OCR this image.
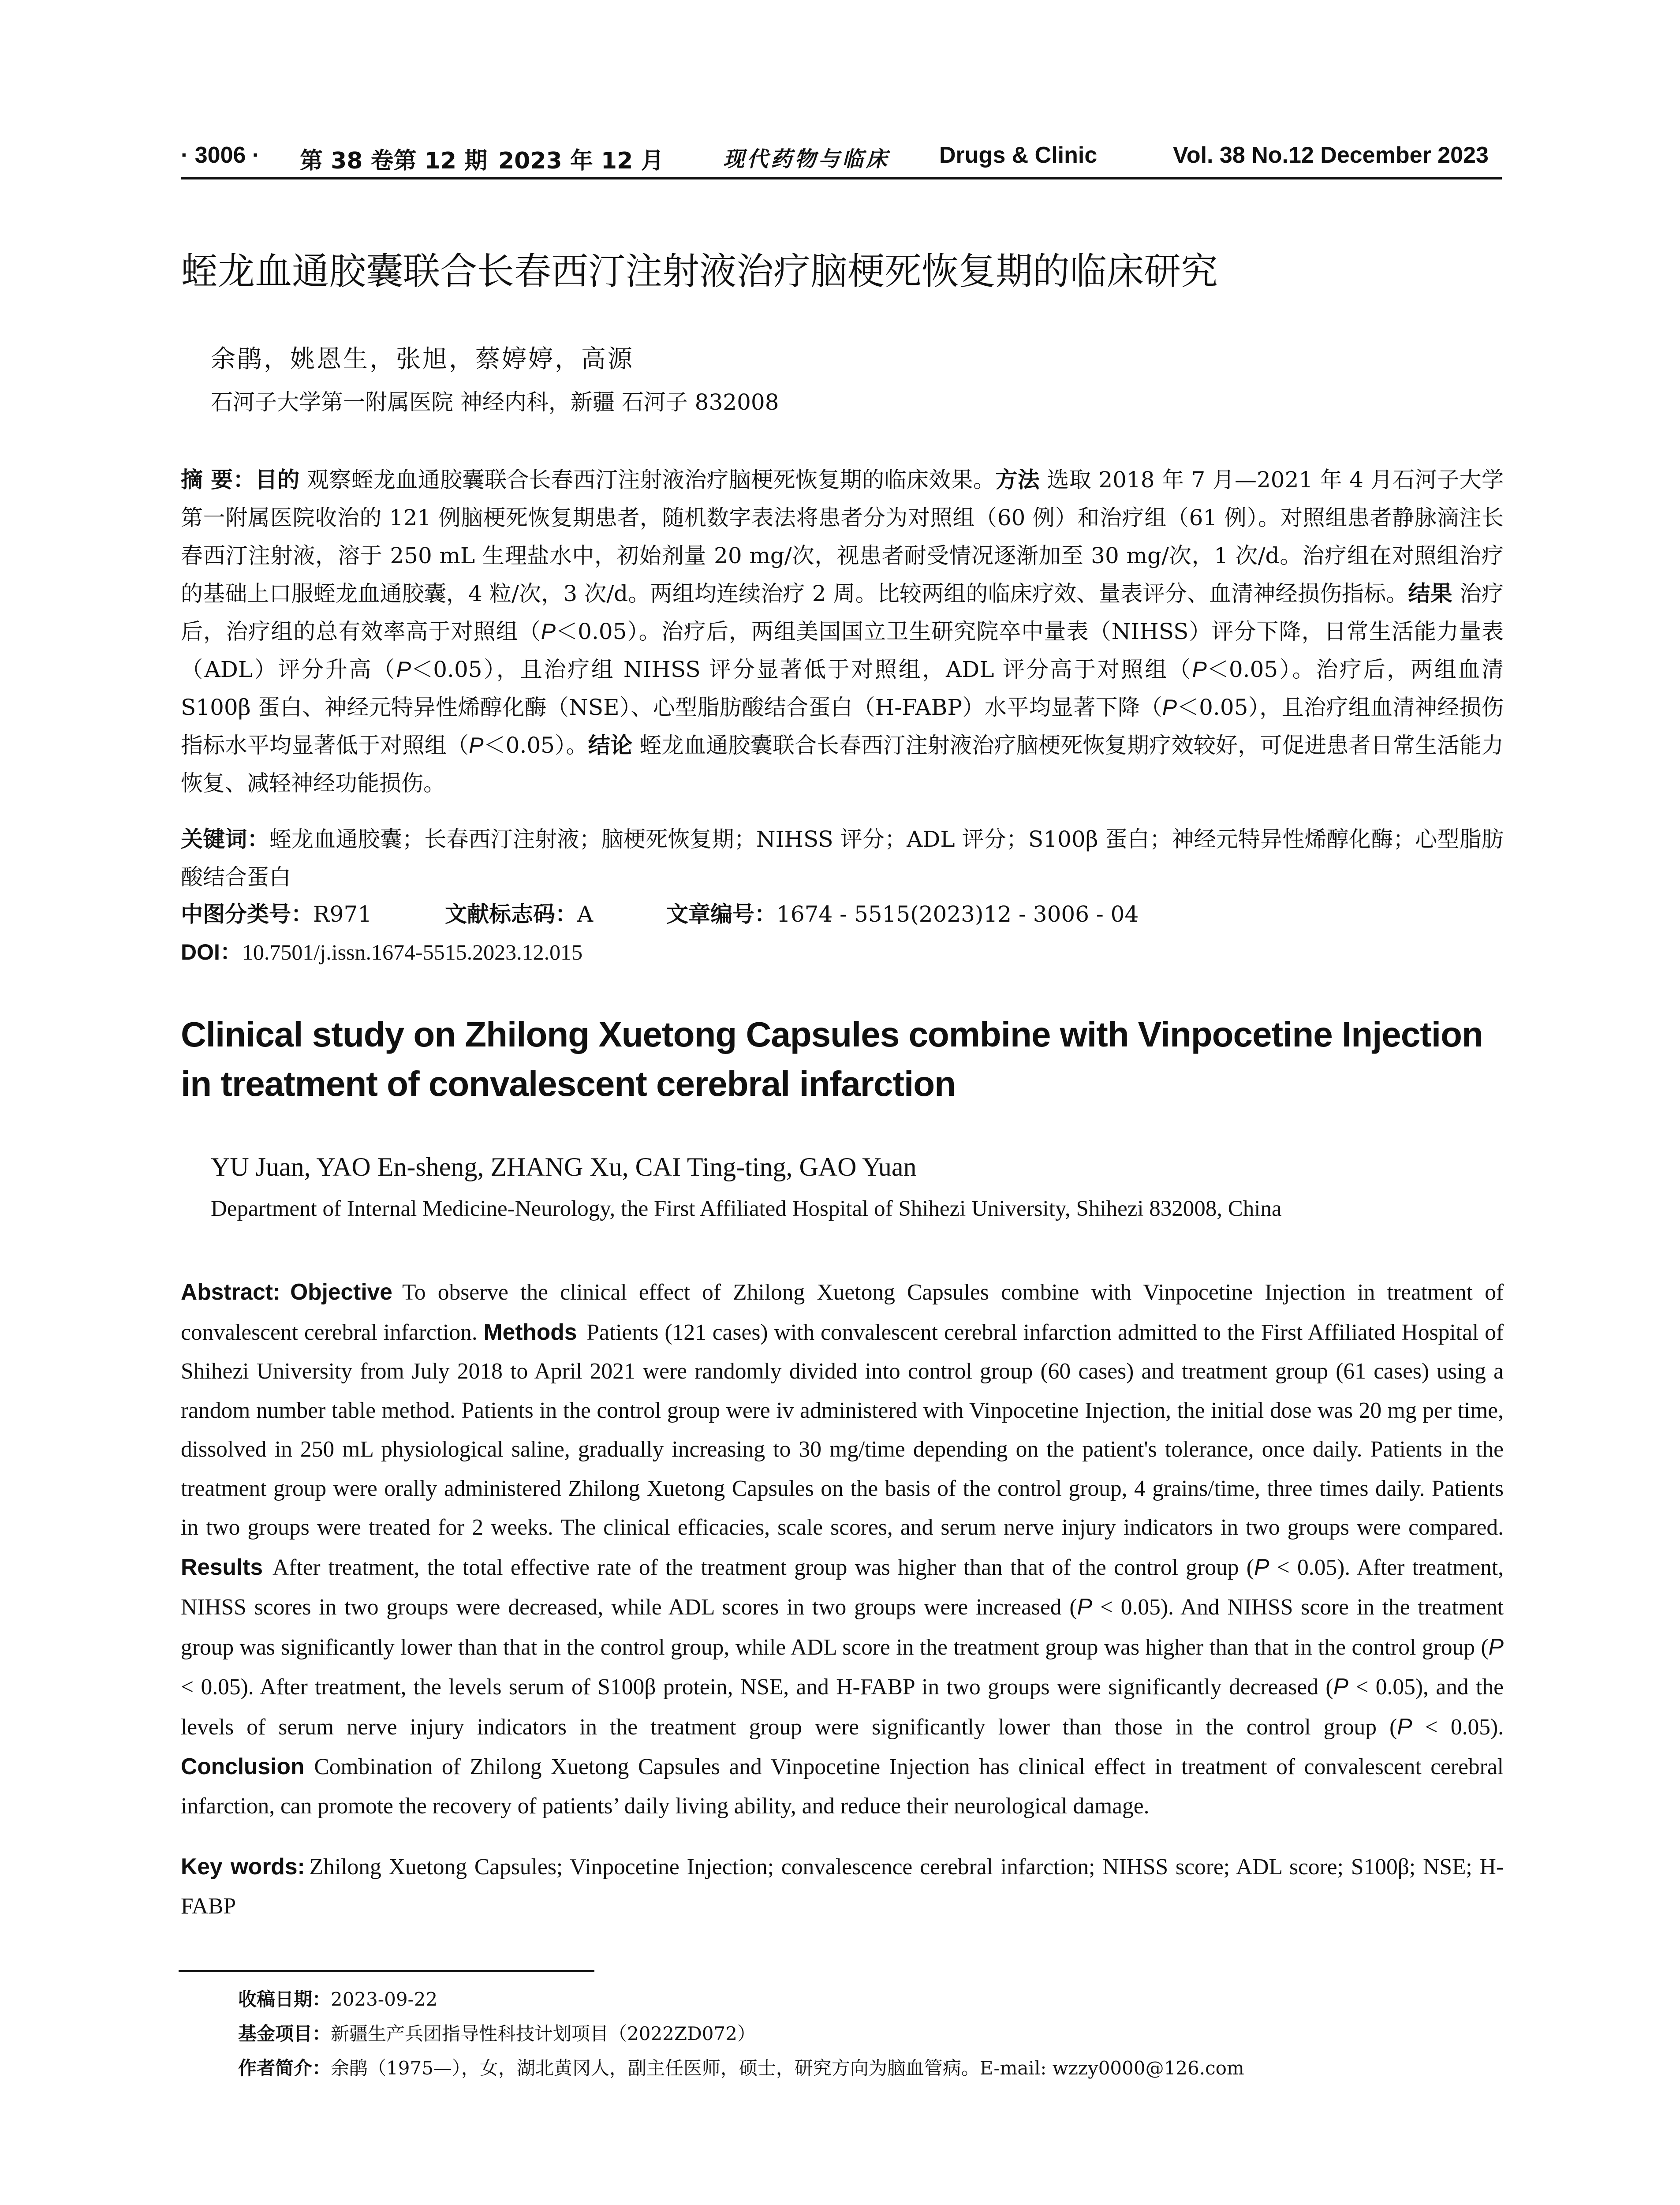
· 3006 · 第 38 卷第 12 期 2023 年 12 月	现代药物与临床 Drugs & Clinic	Vol. 38 No.12 December 2023
蛭龙血通胶囊联合长春西汀注射液治疗脑梗死恢复期的临床研究
余鹃，姚恩生，张旭，蔡婷婷，高源
石河子大学第一附属医院 神经内科，新疆 石河子 832008
摘 要：目的 观察蛭龙血通胶囊联合长春西汀注射液治疗脑梗死恢复期的临床效果。方法 选取 2018 年 7 月—2021 年 4 月石河子大学第一附属医院收治的 121 例脑梗死恢复期患者，随机数字表法将患者分为对照组（60 例）和治疗组（61 例）。对照组患者静脉滴注长春西汀注射液，溶于 250 mL 生理盐水中，初始剂量 20 mg/次，视患者耐受情况逐渐加至 30 mg/次，1 次/d。治疗组在对照组治疗的基础上口服蛭龙血通胶囊，4 粒/次，3 次/d。两组均连续治疗 2 周。比较两组的临床疗效、量表评分、血清神经损伤指标。结果 治疗后，治疗组的总有效率高于对照组（P＜0.05）。治疗后，两组美国国立卫生研究院卒中量表（NIHSS）评分下降，日常生活能力量表（ADL）评分升高（P＜0.05），且治疗组 NIHSS 评分显著低于对照组，ADL 评分高于对照组（P＜0.05）。治疗后，两组血清 S100β 蛋白、神经元特异性烯醇化酶（NSE）、心型脂肪酸结合蛋白（H-FABP）水平均显著下降（P＜0.05），且治疗组血清神经损伤指标水平均显著低于对照组（P＜0.05）。结论 蛭龙血通胶囊联合长春西汀注射液治疗脑梗死恢复期疗效较好，可促进患者日常生活能力恢复、减轻神经功能损伤。
关键词：蛭龙血通胶囊；长春西汀注射液；脑梗死恢复期；NIHSS 评分；ADL 评分；S100β 蛋白；神经元特异性烯醇化酶；心型脂肪酸结合蛋白
中图分类号：R971	文献标志码：A	文章编号：1674 - 5515(2023)12 - 3006 - 04
DOI：10.7501/j.issn.1674-5515.2023.12.015
Clinical study on Zhilong Xuetong Capsules combine with Vinpocetine Injection in treatment of convalescent cerebral infarction
YU Juan, YAO En-sheng, ZHANG Xu, CAI Ting-ting, GAO Yuan
Department of Internal Medicine-Neurology, the First Affiliated Hospital of Shihezi University, Shihezi 832008, China
Abstract: Objective To observe the clinical effect of Zhilong Xuetong Capsules combine with Vinpocetine Injection in treatment of convalescent cerebral infarction. Methods Patients (121 cases) with convalescent cerebral infarction admitted to the First Affiliated Hospital of Shihezi University from July 2018 to April 2021 were randomly divided into control group (60 cases) and treatment group (61 cases) using a random number table method. Patients in the control group were iv administered with Vinpocetine Injection, the initial dose was 20 mg per time, dissolved in 250 mL physiological saline, gradually increasing to 30 mg/time depending on the patient's tolerance, once daily. Patients in the treatment group were orally administered Zhilong Xuetong Capsules on the basis of the control group, 4 grains/time, three times daily. Patients in two groups were treated for 2 weeks. The clinical efficacies, scale scores, and serum nerve injury indicators in two groups were compared. Results After treatment, the total effective rate of the treatment group was higher than that of the control group (P < 0.05). After treatment, NIHSS scores in two groups were decreased, while ADL scores in two groups were increased (P < 0.05). And NIHSS score in the treatment group was significantly lower than that in the control group, while ADL score in the treatment group was higher than that in the control group (P < 0.05). After treatment, the levels serum of S100β protein, NSE, and H-FABP in two groups were significantly decreased (P < 0.05), and the levels of serum nerve injury indicators in the treatment group were significantly lower than those in the control group (P < 0.05). Conclusion Combination of Zhilong Xuetong Capsules and Vinpocetine Injection has clinical effect in treatment of convalescent cerebral infarction, can promote the recovery of patients’ daily living ability, and reduce their neurological damage.
Key words: Zhilong Xuetong Capsules; Vinpocetine Injection; convalescence cerebral infarction; NIHSS score; ADL score; S100β; NSE; H-FABP
收稿日期：2023-09-22
基金项目：新疆生产兵团指导性科技计划项目（2022ZD072）
作者简介：余鹃（1975—），女，湖北黄冈人，副主任医师，硕士，研究方向为脑血管病。E-mail: wzzy0000@126.com
